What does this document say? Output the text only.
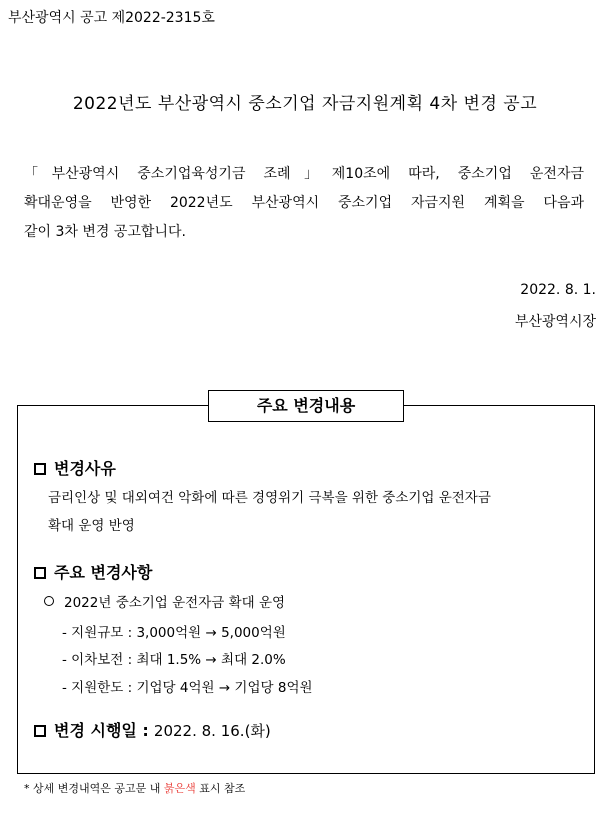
부산광역시 공고 제2022-2315호
2022년도 부산광역시 중소기업 자금지원계획 4차 변경 공고
「부산광역시 중소기업육성기금 조례」제10조에 따라, 중소기업 운전자금
확대운영을 반영한 2022년도 부산광역시 중소기업 자금지원 계획을 다음과
같이 3차 변경 공고합니다.
2022. 8. 1.
부산광역시장
주요 변경내용
변경사유
금리인상 및 대외여건 악화에 따른 경영위기 극복을 위한 중소기업 운전자금
확대 운영 반영
주요 변경사항
2022년 중소기업 운전자금 확대 운영
- 지원규모 : 3,000억원 → 5,000억원
- 이차보전 : 최대 1.5% → 최대 2.0%
- 지원한도 : 기업당 4억원 → 기업당 8억원
변경 시행일 : 2022. 8. 16.(화)
* 상세 변경내역은 공고문 내 붉은색 표시 참조
